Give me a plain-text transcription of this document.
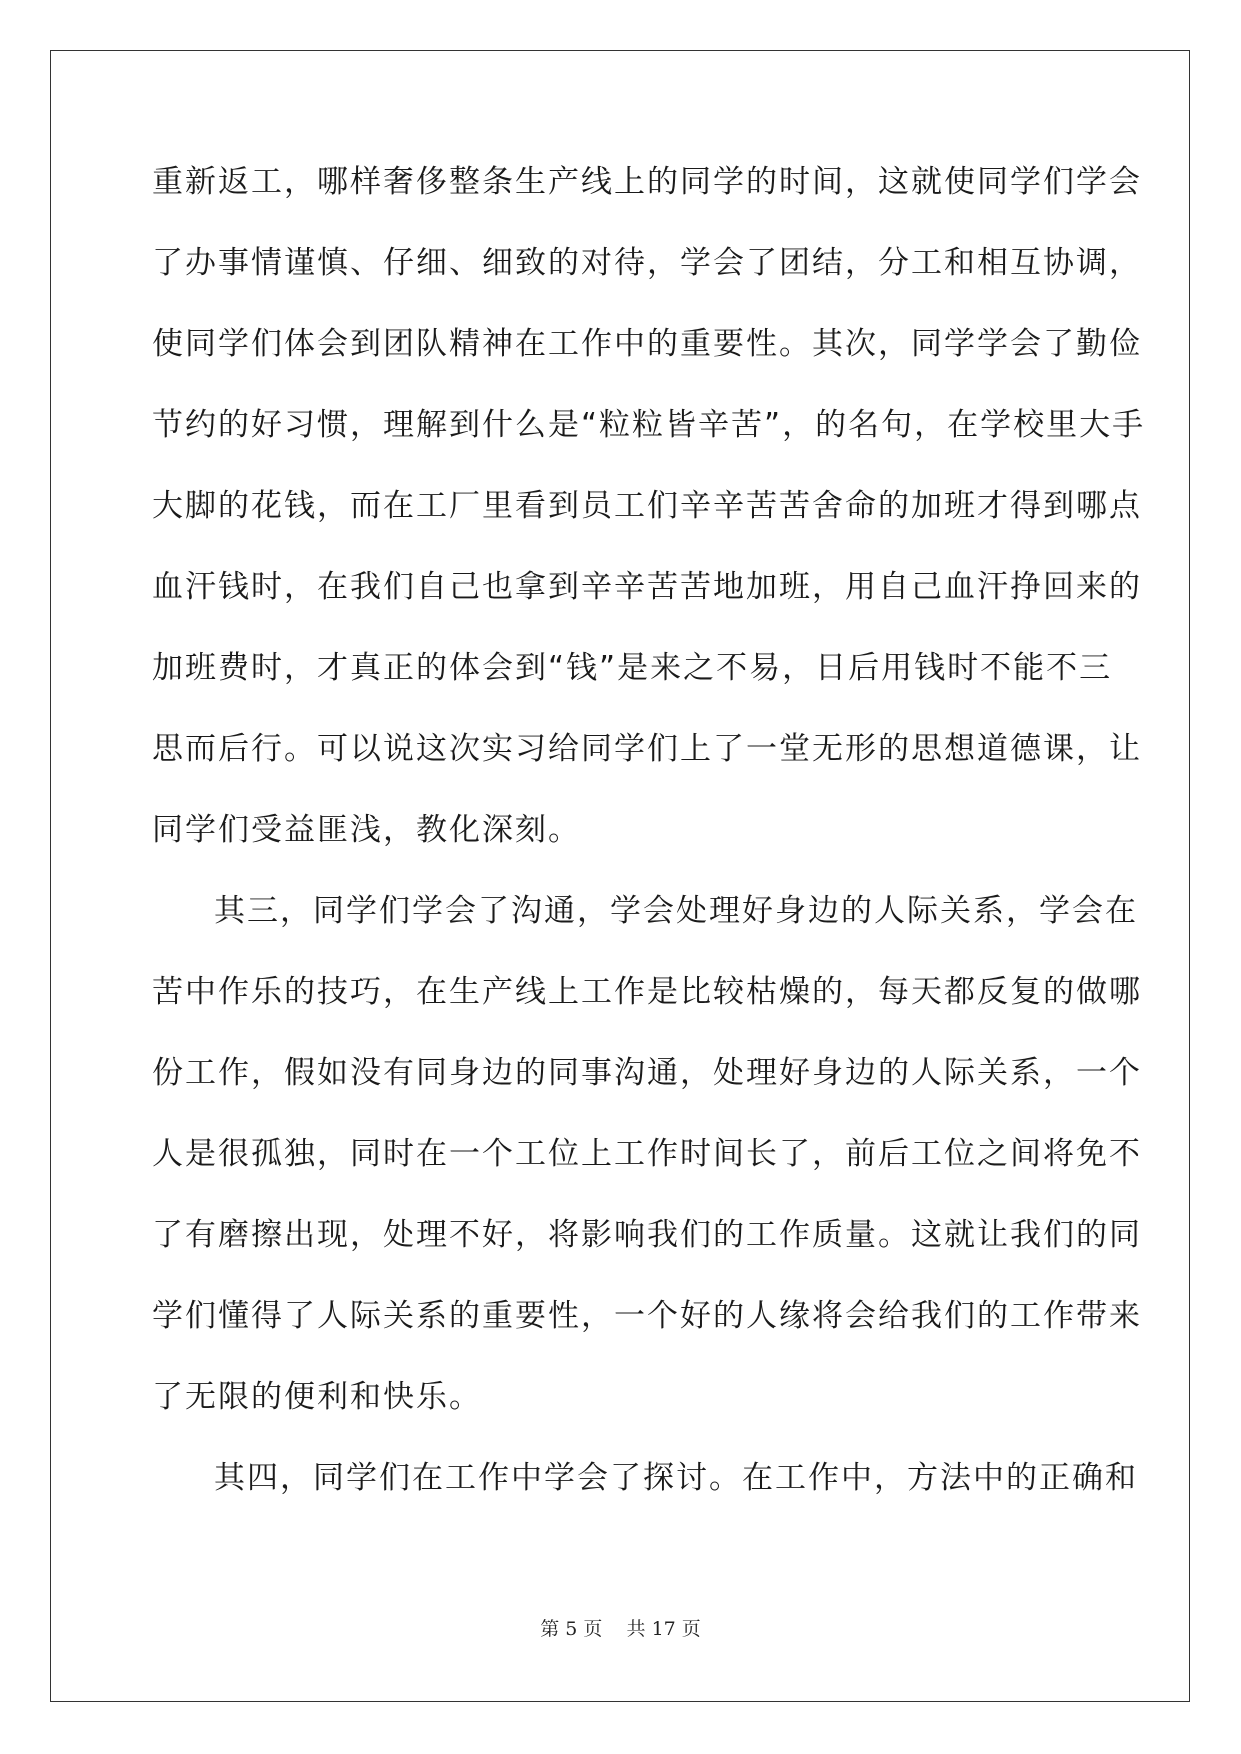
重新返工，哪样奢侈整条生产线上的同学的时间，这就使同学们学会
了办事情谨慎、仔细、细致的对待，学会了团结，分工和相互协调，
使同学们体会到团队精神在工作中的重要性。其次，同学学会了勤俭
节约的好习惯，理解到什么是“粒粒皆辛苦”，的名句，在学校里大手
大脚的花钱，而在工厂里看到员工们辛辛苦苦舍命的加班才得到哪点
血汗钱时，在我们自己也拿到辛辛苦苦地加班，用自己血汗挣回来的
加班费时，才真正的体会到“钱”是来之不易，日后用钱时不能不三
思而后行。可以说这次实习给同学们上了一堂无形的思想道德课，让
同学们受益匪浅，教化深刻。
其三，同学们学会了沟通，学会处理好身边的人际关系，学会在
苦中作乐的技巧，在生产线上工作是比较枯燥的，每天都反复的做哪
份工作，假如没有同身边的同事沟通，处理好身边的人际关系，一个
人是很孤独，同时在一个工位上工作时间长了，前后工位之间将免不
了有磨擦出现，处理不好，将影响我们的工作质量。这就让我们的同
学们懂得了人际关系的重要性，一个好的人缘将会给我们的工作带来
了无限的便利和快乐。
其四，同学们在工作中学会了探讨。在工作中，方法中的正确和
第 5 页    共 17 页
